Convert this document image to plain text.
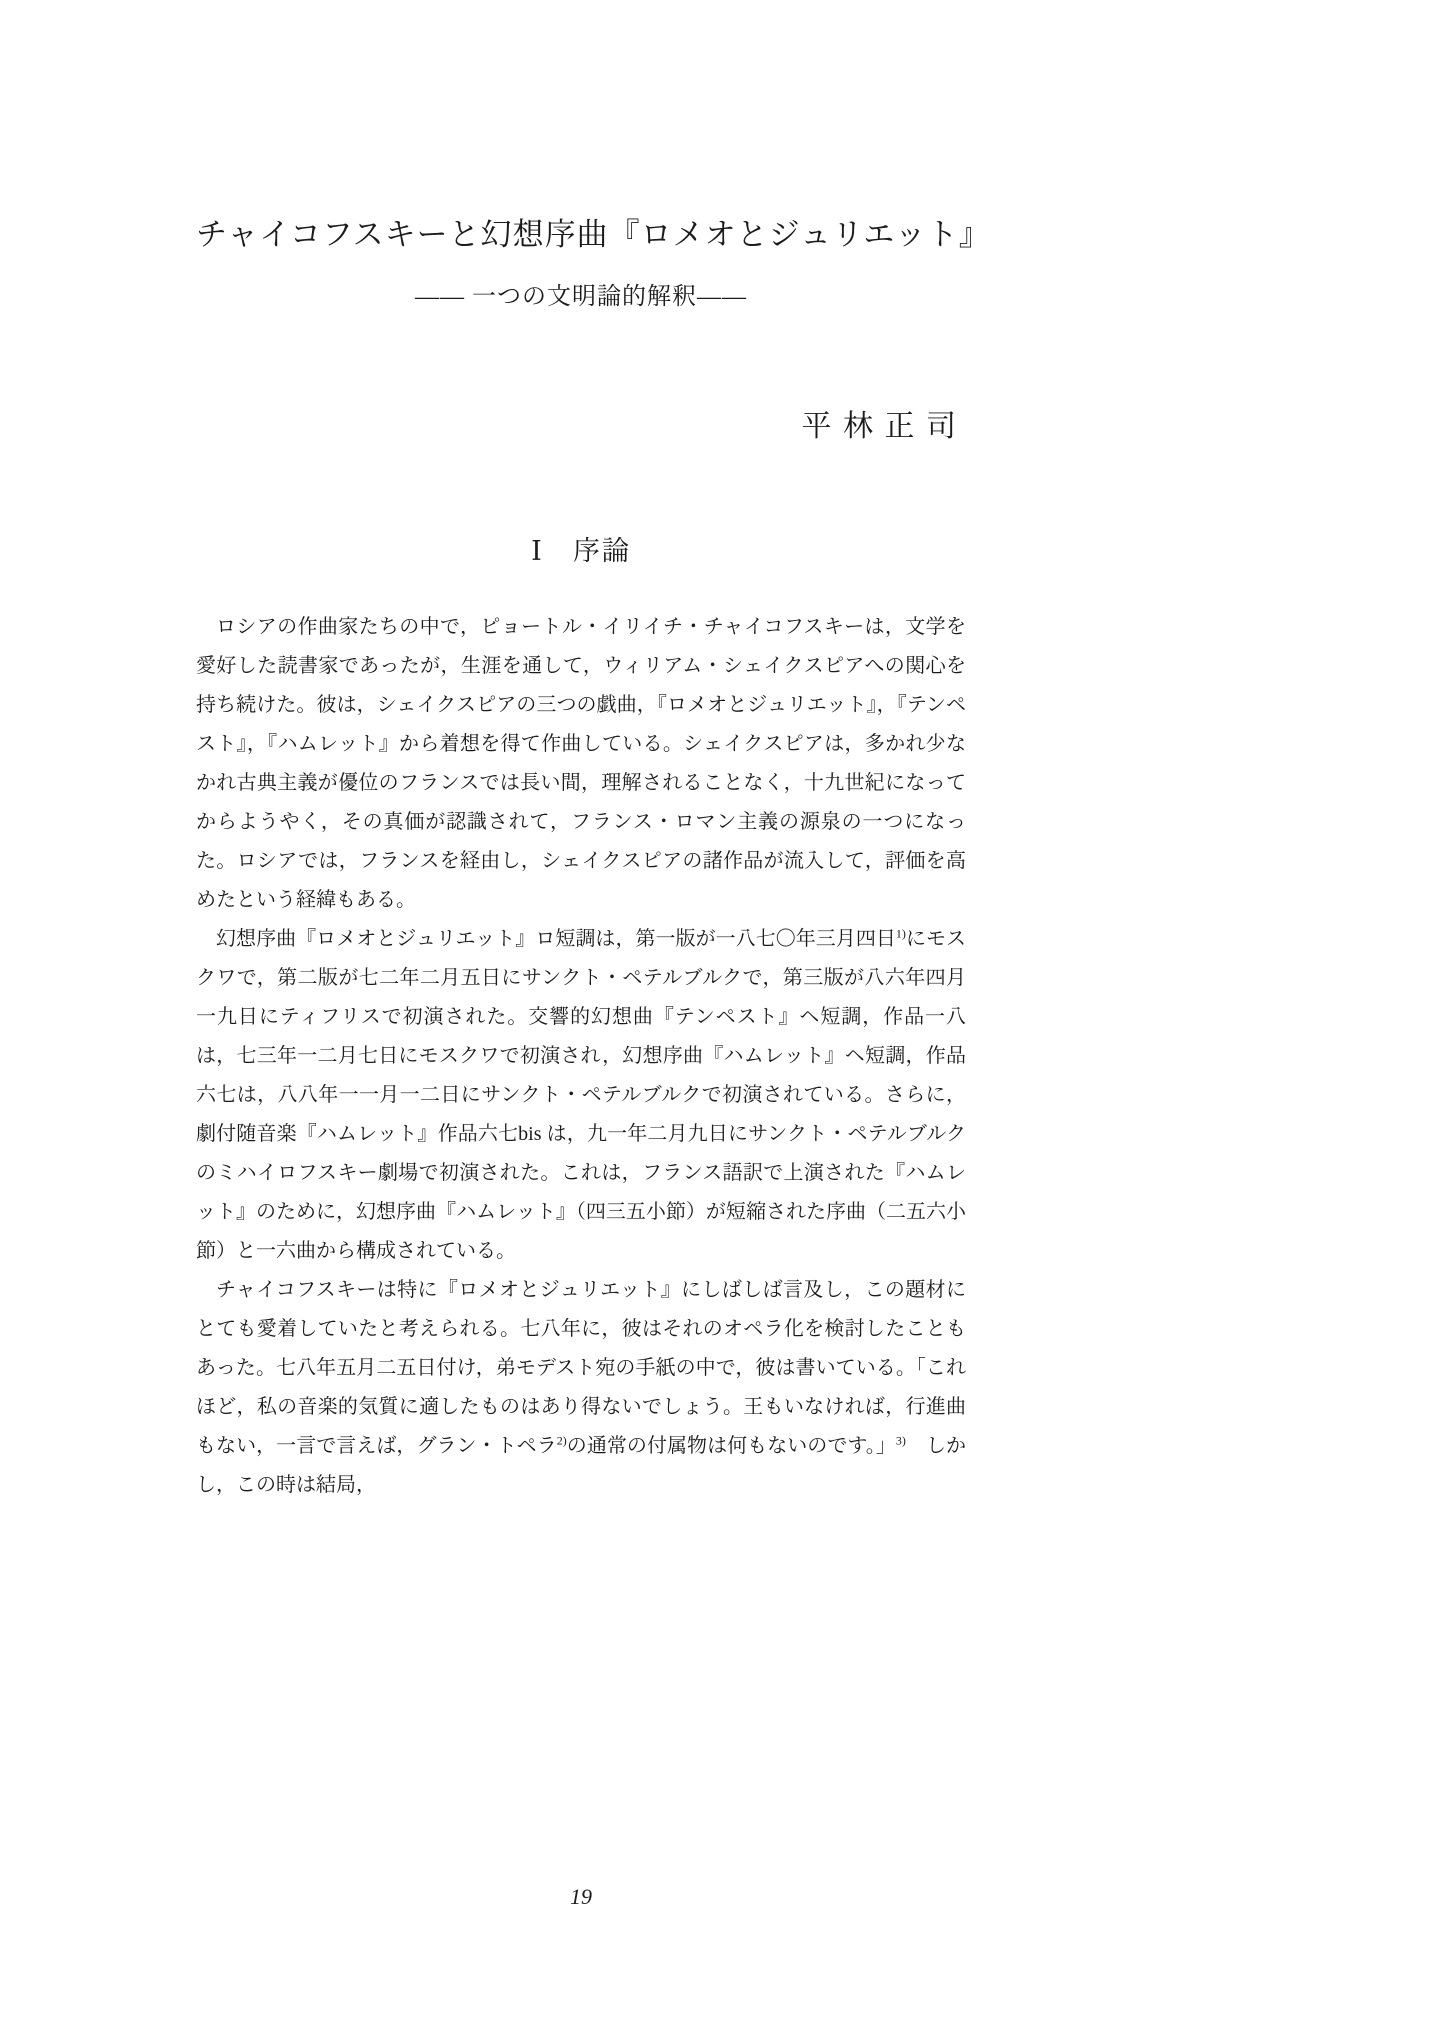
チャイコフスキーと幻想序曲『ロメオとジュリエット』
—— 一つの文明論的解釈——
平 林 正 司
Ⅰ　序論

ロシアの作曲家たちの中で，ピョートル・イリイチ・チャイコフスキーは，文学を愛好した読書家であったが，生涯を通して，ウィリアム・シェイクスピアへの関心を持ち続けた。彼は，シェイクスピアの三つの戯曲，『ロメオとジュリエット』，『テンペスト』，『ハムレット』から着想を得て作曲している。シェイクスピアは，多かれ少なかれ古典主義が優位のフランスでは長い間，理解されることなく，十九世紀になってからようやく，その真価が認識されて，フランス・ロマン主義の源泉の一つになった。ロシアでは，フランスを経由し，シェイクスピアの諸作品が流入して，評価を高めたという経緯もある。

幻想序曲『ロメオとジュリエット』ロ短調は，第一版が一八七〇年三月四日$^{1)}$にモスクワで，第二版が七二年二月五日にサンクト・ペテルブルクで，第三版が八六年四月一九日にティフリスで初演された。交響的幻想曲『テンペスト』ヘ短調，作品一八は，七三年一二月七日にモスクワで初演され，幻想序曲『ハムレット』ヘ短調，作品六七は，八八年一一月一二日にサンクト・ペテルブルクで初演されている。さらに，劇付随音楽『ハムレット』作品六七bis は，九一年二月九日にサンクト・ペテルブルクのミハイロフスキー劇場で初演された。これは，フランス語訳で上演された『ハムレット』のために，幻想序曲『ハムレット』（四三五小節）が短縮された序曲（二五六小節）と一六曲から構成されている。

チャイコフスキーは特に『ロメオとジュリエット』にしばしば言及し，この題材にとても愛着していたと考えられる。七八年に，彼はそれのオペラ化を検討したこともあった。七八年五月二五日付け，弟モデスト宛の手紙の中で，彼は書いている。「これほど，私の音楽的気質に適したものはあり得ないでしょう。王もいなければ，行進曲もない，一言で言えば，グラン・トペラ$^{2)}$の通常の付属物は何もないのです。」$^{3)}$　しかし，この時は結局，

19
